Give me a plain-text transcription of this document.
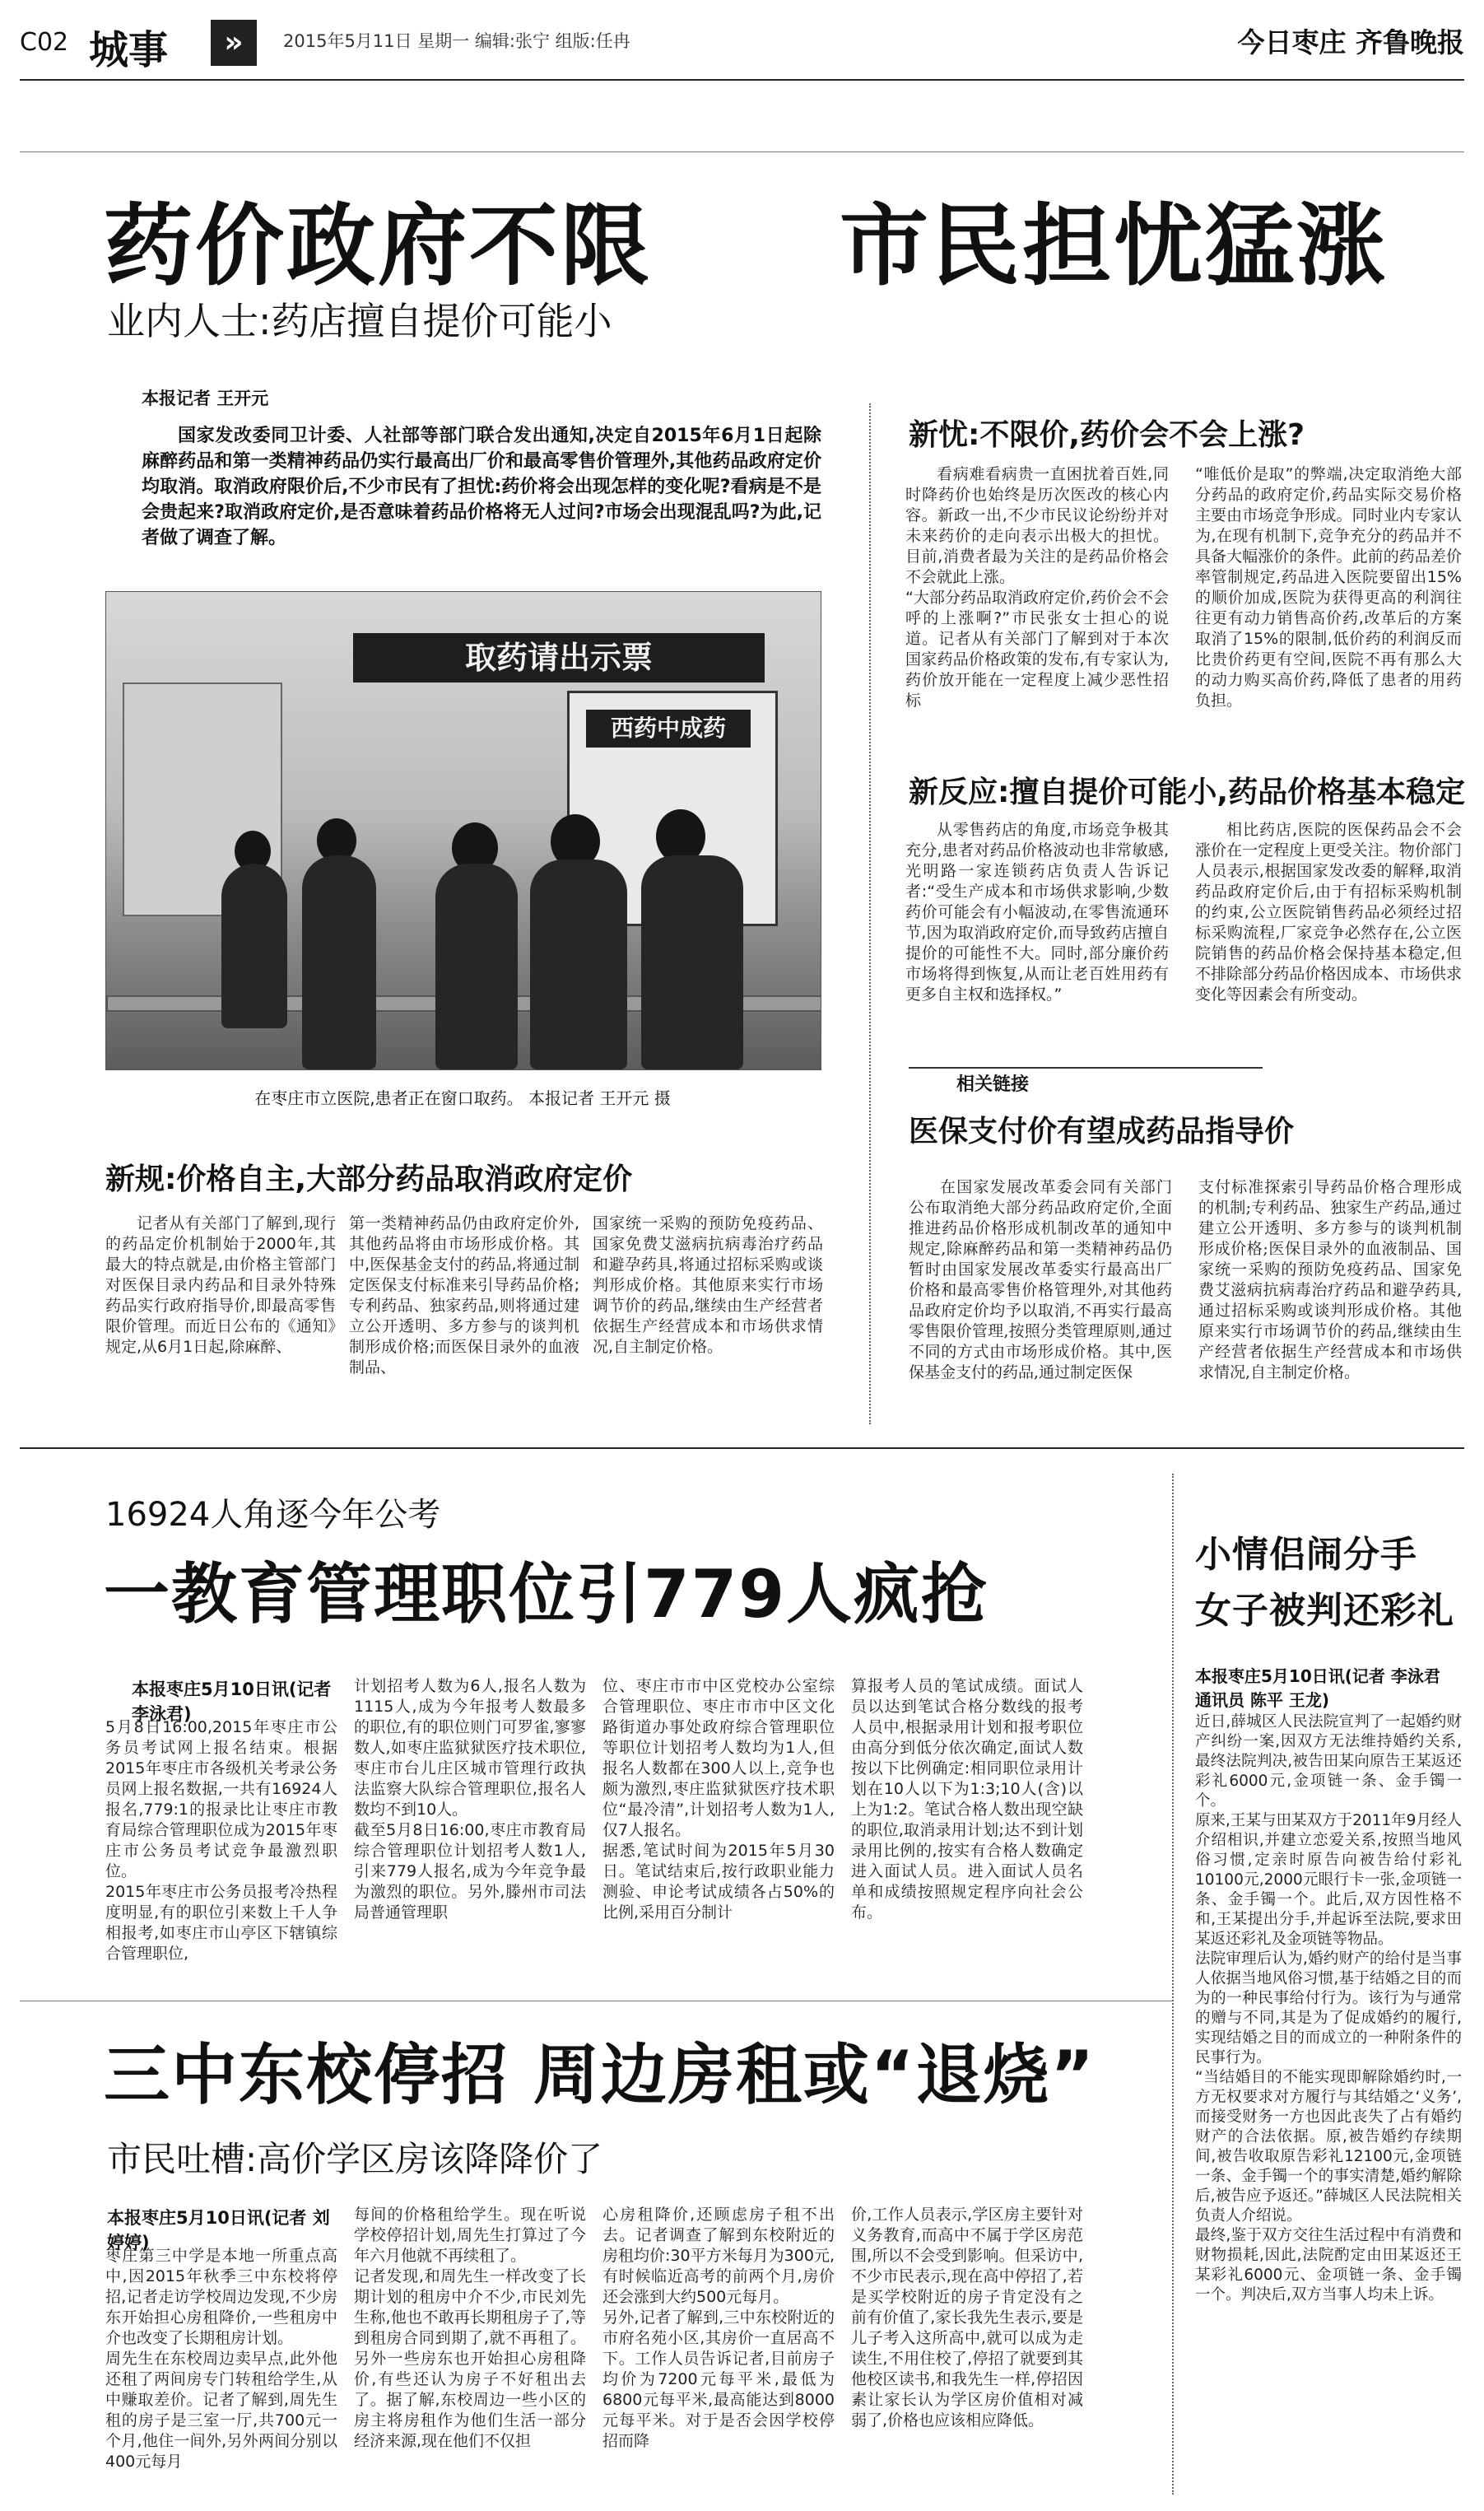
C02 城事	»	2015年5月11日 星期一 编辑:张宁 组版:任冉	今日枣庄 齐鲁晚报
药价政府不限 市民担忧猛涨
业内人士:药店擅自提价可能小
本报记者 王开元
国家发改委同卫计委、人社部等部门联合发出通知,决定自2015年6月1日起除麻醉药品和第一类精神药品仍实行最高出厂价和最高零售价管理外,其他药品政府定价均取消。取消政府限价后,不少市民有了担忧:药价将会出现怎样的变化呢?看病是不是会贵起来?取消政府定价,是否意味着药品价格将无人过问?市场会出现混乱吗?为此,记者做了调查了解。
取药请出示票
西药中成药
在枣庄市立医院,患者正在窗口取药。 本报记者 王开元 摄
新规:价格自主,大部分药品取消政府定价
记者从有关部门了解到,现行的药品定价机制始于2000年,其最大的特点就是,由价格主管部门对医保目录内药品和目录外特殊药品实行政府指导价,即最高零售限价管理。而近日公布的《通知》规定,从6月1日起,除麻醉、
第一类精神药品仍由政府定价外,其他药品将由市场形成价格。其中,医保基金支付的药品,将通过制定医保支付标准来引导药品价格;专利药品、独家药品,则将通过建立公开透明、多方参与的谈判机制形成价格;而医保目录外的血液制品、
国家统一采购的预防免疫药品、国家免费艾滋病抗病毒治疗药品和避孕药具,将通过招标采购或谈判形成价格。其他原来实行市场调节价的药品,继续由生产经营者依据生产经营成本和市场供求情况,自主制定价格。
新忧:不限价,药价会不会上涨?
看病难看病贵一直困扰着百姓,同时降药价也始终是历次医改的核心内容。新政一出,不少市民议论纷纷并对未来药价的走向表示出极大的担忧。目前,消费者最为关注的是药品价格会不会就此上涨。
“大部分药品取消政府定价,药价会不会呼的上涨啊?”市民张女士担心的说道。记者从有关部门了解到对于本次国家药品价格政策的发布,有专家认为,药价放开能在一定程度上减少恶性招标
“唯低价是取”的弊端,决定取消绝大部分药品的政府定价,药品实际交易价格主要由市场竞争形成。同时业内专家认为,在现有机制下,竞争充分的药品并不具备大幅涨价的条件。此前的药品差价率管制规定,药品进入医院要留出15%的顺价加成,医院为获得更高的利润往往更有动力销售高价药,改革后的方案取消了15%的限制,低价药的利润反而比贵价药更有空间,医院不再有那么大的动力购买高价药,降低了患者的用药负担。
新反应:擅自提价可能小,药品价格基本稳定
从零售药店的角度,市场竞争极其充分,患者对药品价格波动也非常敏感,光明路一家连锁药店负责人告诉记者:“受生产成本和市场供求影响,少数药价可能会有小幅波动,在零售流通环节,因为取消政府定价,而导致药店擅自提价的可能性不大。同时,部分廉价药市场将得到恢复,从而让老百姓用药有更多自主权和选择权。”
相比药店,医院的医保药品会不会涨价在一定程度上更受关注。物价部门人员表示,根据国家发改委的解释,取消药品政府定价后,由于有招标采购机制的约束,公立医院销售药品必须经过招标采购流程,厂家竞争必然存在,公立医院销售的药品价格会保持基本稳定,但不排除部分药品价格因成本、市场供求变化等因素会有所变动。
相关链接
医保支付价有望成药品指导价
在国家发展改革委会同有关部门公布取消绝大部分药品政府定价,全面推进药品价格形成机制改革的通知中规定,除麻醉药品和第一类精神药品仍暂时由国家发展改革委实行最高出厂价格和最高零售价格管理外,对其他药品政府定价均予以取消,不再实行最高零售限价管理,按照分类管理原则,通过不同的方式由市场形成价格。其中,医保基金支付的药品,通过制定医保
支付标准探索引导药品价格合理形成的机制;专利药品、独家生产药品,通过建立公开透明、多方参与的谈判机制形成价格;医保目录外的血液制品、国家统一采购的预防免疫药品、国家免费艾滋病抗病毒治疗药品和避孕药具,通过招标采购或谈判形成价格。其他原来实行市场调节价的药品,继续由生产经营者依据生产经营成本和市场供求情况,自主制定价格。
16924人角逐今年公考
一教育管理职位引779人疯抢
本报枣庄5月10日讯(记者 李泳君)
5月8日16:00,2015年枣庄市公务员考试网上报名结束。根据2015年枣庄市各级机关考录公务员网上报名数据,一共有16924人报名,779:1的报录比让枣庄市教育局综合管理职位成为2015年枣庄市公务员考试竞争最激烈职位。
2015年枣庄市公务员报考冷热程度明显,有的职位引来数上千人争相报考,如枣庄市山亭区下辖镇综合管理职位,
计划招考人数为6人,报名人数为1115人,成为今年报考人数最多的职位,有的职位则门可罗雀,寥寥数人,如枣庄监狱狱医疗技术职位,枣庄市台儿庄区城市管理行政执法监察大队综合管理职位,报名人数均不到10人。
截至5月8日16:00,枣庄市教育局综合管理职位计划招考人数1人,引来779人报名,成为今年竞争最为激烈的职位。另外,滕州市司法局普通管理职
位、枣庄市市中区党校办公室综合管理职位、枣庄市市中区文化路街道办事处政府综合管理职位等职位计划招考人数均为1人,但报名人数都在300人以上,竞争也颇为激烈,枣庄监狱狱医疗技术职位“最冷清”,计划招考人数为1人,仅7人报名。
据悉,笔试时间为2015年5月30日。笔试结束后,按行政职业能力测验、申论考试成绩各占50%的比例,采用百分制计
算报考人员的笔试成绩。面试人员以达到笔试合格分数线的报考人员中,根据录用计划和报考职位由高分到低分依次确定,面试人数按以下比例确定:相同职位录用计划在10人以下为1:3;10人(含)以上为1:2。笔试合格人数出现空缺的职位,取消录用计划;达不到计划录用比例的,按实有合格人数确定进入面试人员。进入面试人员名单和成绩按照规定程序向社会公布。
三中东校停招 周边房租或“退烧”
市民吐槽:高价学区房该降降价了
本报枣庄5月10日讯(记者 刘婷婷)
枣庄第三中学是本地一所重点高中,因2015年秋季三中东校将停招,记者走访学校周边发现,不少房东开始担心房租降价,一些租房中介也改变了长期租房计划。
周先生在东校周边卖早点,此外他还租了两间房专门转租给学生,从中赚取差价。记者了解到,周先生租的房子是三室一厅,共700元一个月,他住一间外,另外两间分别以400元每月
每间的价格租给学生。现在听说学校停招计划,周先生打算过了今年六月他就不再续租了。
记者发现,和周先生一样改变了长期计划的租房中介不少,市民刘先生称,他也不敢再长期租房子了,等到租房合同到期了,就不再租了。另外一些房东也开始担心房租降价,有些还认为房子不好租出去了。据了解,东校周边一些小区的房主将房租作为他们生活一部分经济来源,现在他们不仅担
心房租降价,还顾虑房子租不出去。记者调查了解到东校附近的房租均价:30平方米每月为300元,有时候临近高考的前两个月,房价还会涨到大约500元每月。
另外,记者了解到,三中东校附近的市府名苑小区,其房价一直居高不下。工作人员告诉记者,目前房子均价为7200元每平米,最低为6800元每平米,最高能达到8000元每平米。对于是否会因学校停招而降
价,工作人员表示,学区房主要针对义务教育,而高中不属于学区房范围,所以不会受到影响。但采访中,不少市民表示,现在高中停招了,若是买学校附近的房子肯定没有之前有价值了,家长我先生表示,要是儿子考入这所高中,就可以成为走读生,不用住校了,停招了就要到其他校区读书,和我先生一样,停招因素让家长认为学区房价值相对减弱了,价格也应该相应降低。
小情侣闹分手
女子被判还彩礼
本报枣庄5月10日讯(记者 李泳君 通讯员 陈平 王龙)
近日,薛城区人民法院宣判了一起婚约财产纠纷一案,因双方无法维持婚约关系,最终法院判决,被告田某向原告王某返还彩礼6000元,金项链一条、金手镯一个。
原来,王某与田某双方于2011年9月经人介绍相识,并建立恋爱关系,按照当地风俗习惯,定亲时原告向被告给付彩礼10100元,2000元眼行卡一张,金项链一条、金手镯一个。此后,双方因性格不和,王某提出分手,并起诉至法院,要求田某返还彩礼及金项链等物品。
法院审理后认为,婚约财产的给付是当事人依据当地风俗习惯,基于结婚之目的而为的一种民事给付行为。该行为与通常的赠与不同,其是为了促成婚约的履行,实现结婚之目的而成立的一种附条件的民事行为。
“当结婚目的不能实现即解除婚约时,一方无权要求对方履行与其结婚之‘义务’,而接受财务一方也因此丧失了占有婚约财产的合法依据。原,被告婚约存续期间,被告收取原告彩礼12100元,金项链一条、金手镯一个的事实清楚,婚约解除后,被告应予返还。”薛城区人民法院相关负责人介绍说。
最终,鉴于双方交往生活过程中有消费和财物损耗,因此,法院酌定由田某返还王某彩礼6000元、金项链一条、金手镯一个。判决后,双方当事人均未上诉。
